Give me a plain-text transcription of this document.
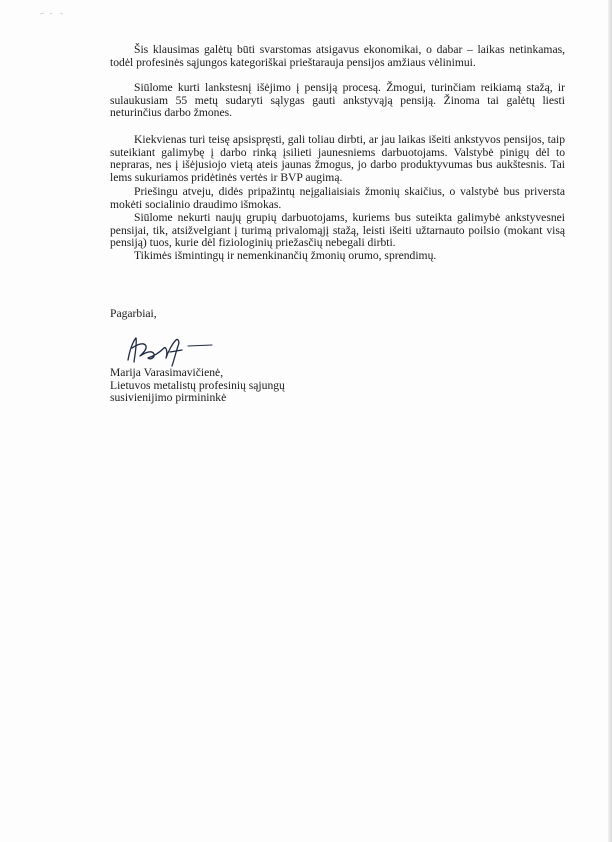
Šis klausimas galėtų būti svarstomas atsigavus ekonomikai, o dabar – laikas netinkamas, todėl profesinės sąjungos kategoriškai prieštarauja pensijos amžiaus vėlinimui.

Siūlome kurti lankstesnį išėjimo į pensiją procesą. Žmogui, turinčiam reikiamą stažą, ir sulaukusiam 55 metų sudaryti sąlygas gauti ankstyvąją pensiją. Žinoma tai galėtų liesti neturinčius darbo žmones.

Kiekvienas turi teisę apsispręsti, gali toliau dirbti, ar jau laikas išeiti ankstyvos pensijos, taip suteikiant galimybę į darbo rinką įsilieti jaunesniems darbuotojams. Valstybė pinigų dėl to nepraras, nes į išėjusiojo vietą ateis jaunas žmogus, jo darbo produktyvumas bus aukštesnis. Tai lems sukuriamos pridėtinės vertės ir BVP augimą.

Priešingu atveju, didės pripažintų neįgaliaisiais žmonių skaičius, o valstybė bus priversta mokėti socialinio draudimo išmokas.

Siūlome nekurti naujų grupių darbuotojams, kuriems bus suteikta galimybė ankstyvesnei pensijai, tik, atsižvelgiant į turimą privalomąjį stažą, leisti išeiti užtarnauto poilsio (mokant visą pensiją) tuos, kurie dėl fiziologinių priežasčių nebegali dirbti.

Tikimės išmintingų ir nemenkinančių žmonių orumo, sprendimų.

Pagarbiai,
Marija Varasimavičienė,
Lietuvos metalistų profesinių sąjungų
susivienijimo pirmininkė
